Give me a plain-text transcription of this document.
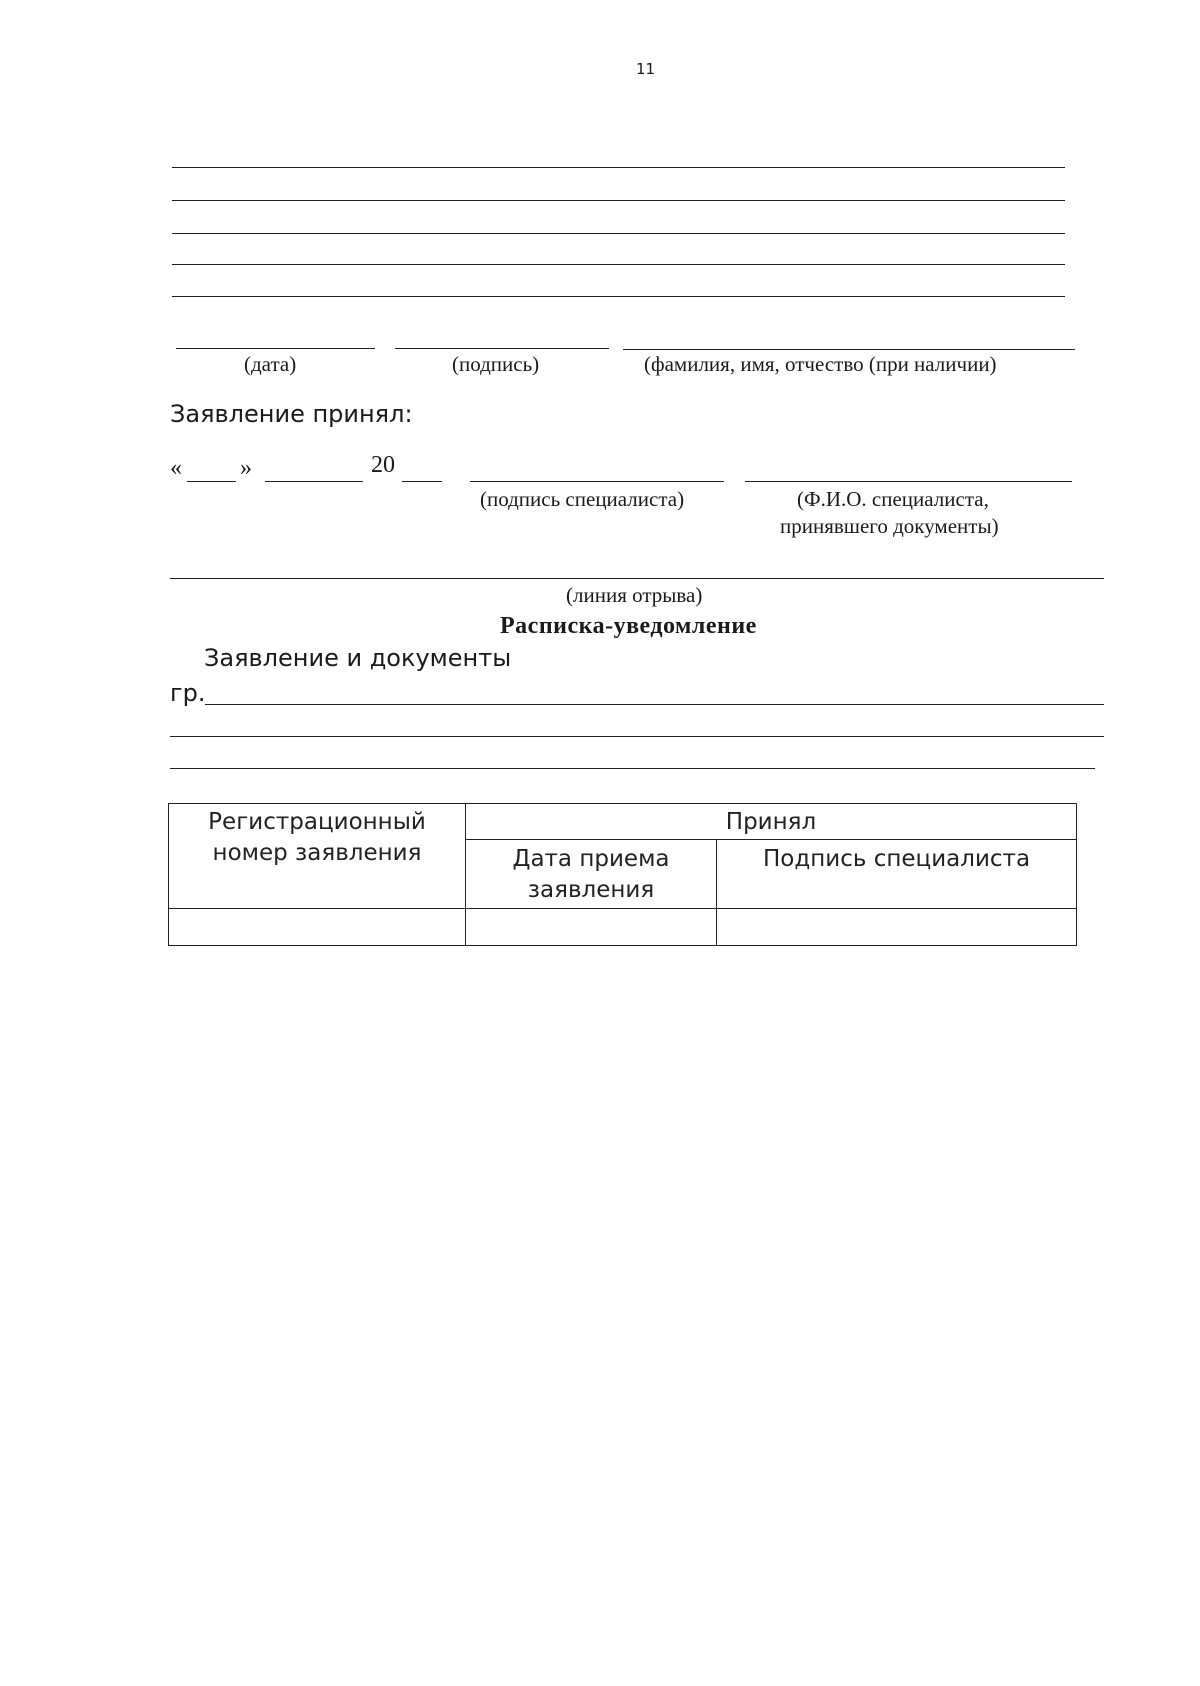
11
(дата)	(подпись)	(фамилия, имя, отчество (при наличии)
Заявление принял:
« »	20
(подпись специалиста)	(Ф.И.О. специалиста,
принявшего документы)
(линия отрыва)
Расписка-уведомление
Заявление и документы
гр.
Регистрационный
номер заявления	Принял	

	Дата приема
заявления	Подпись специалиста
